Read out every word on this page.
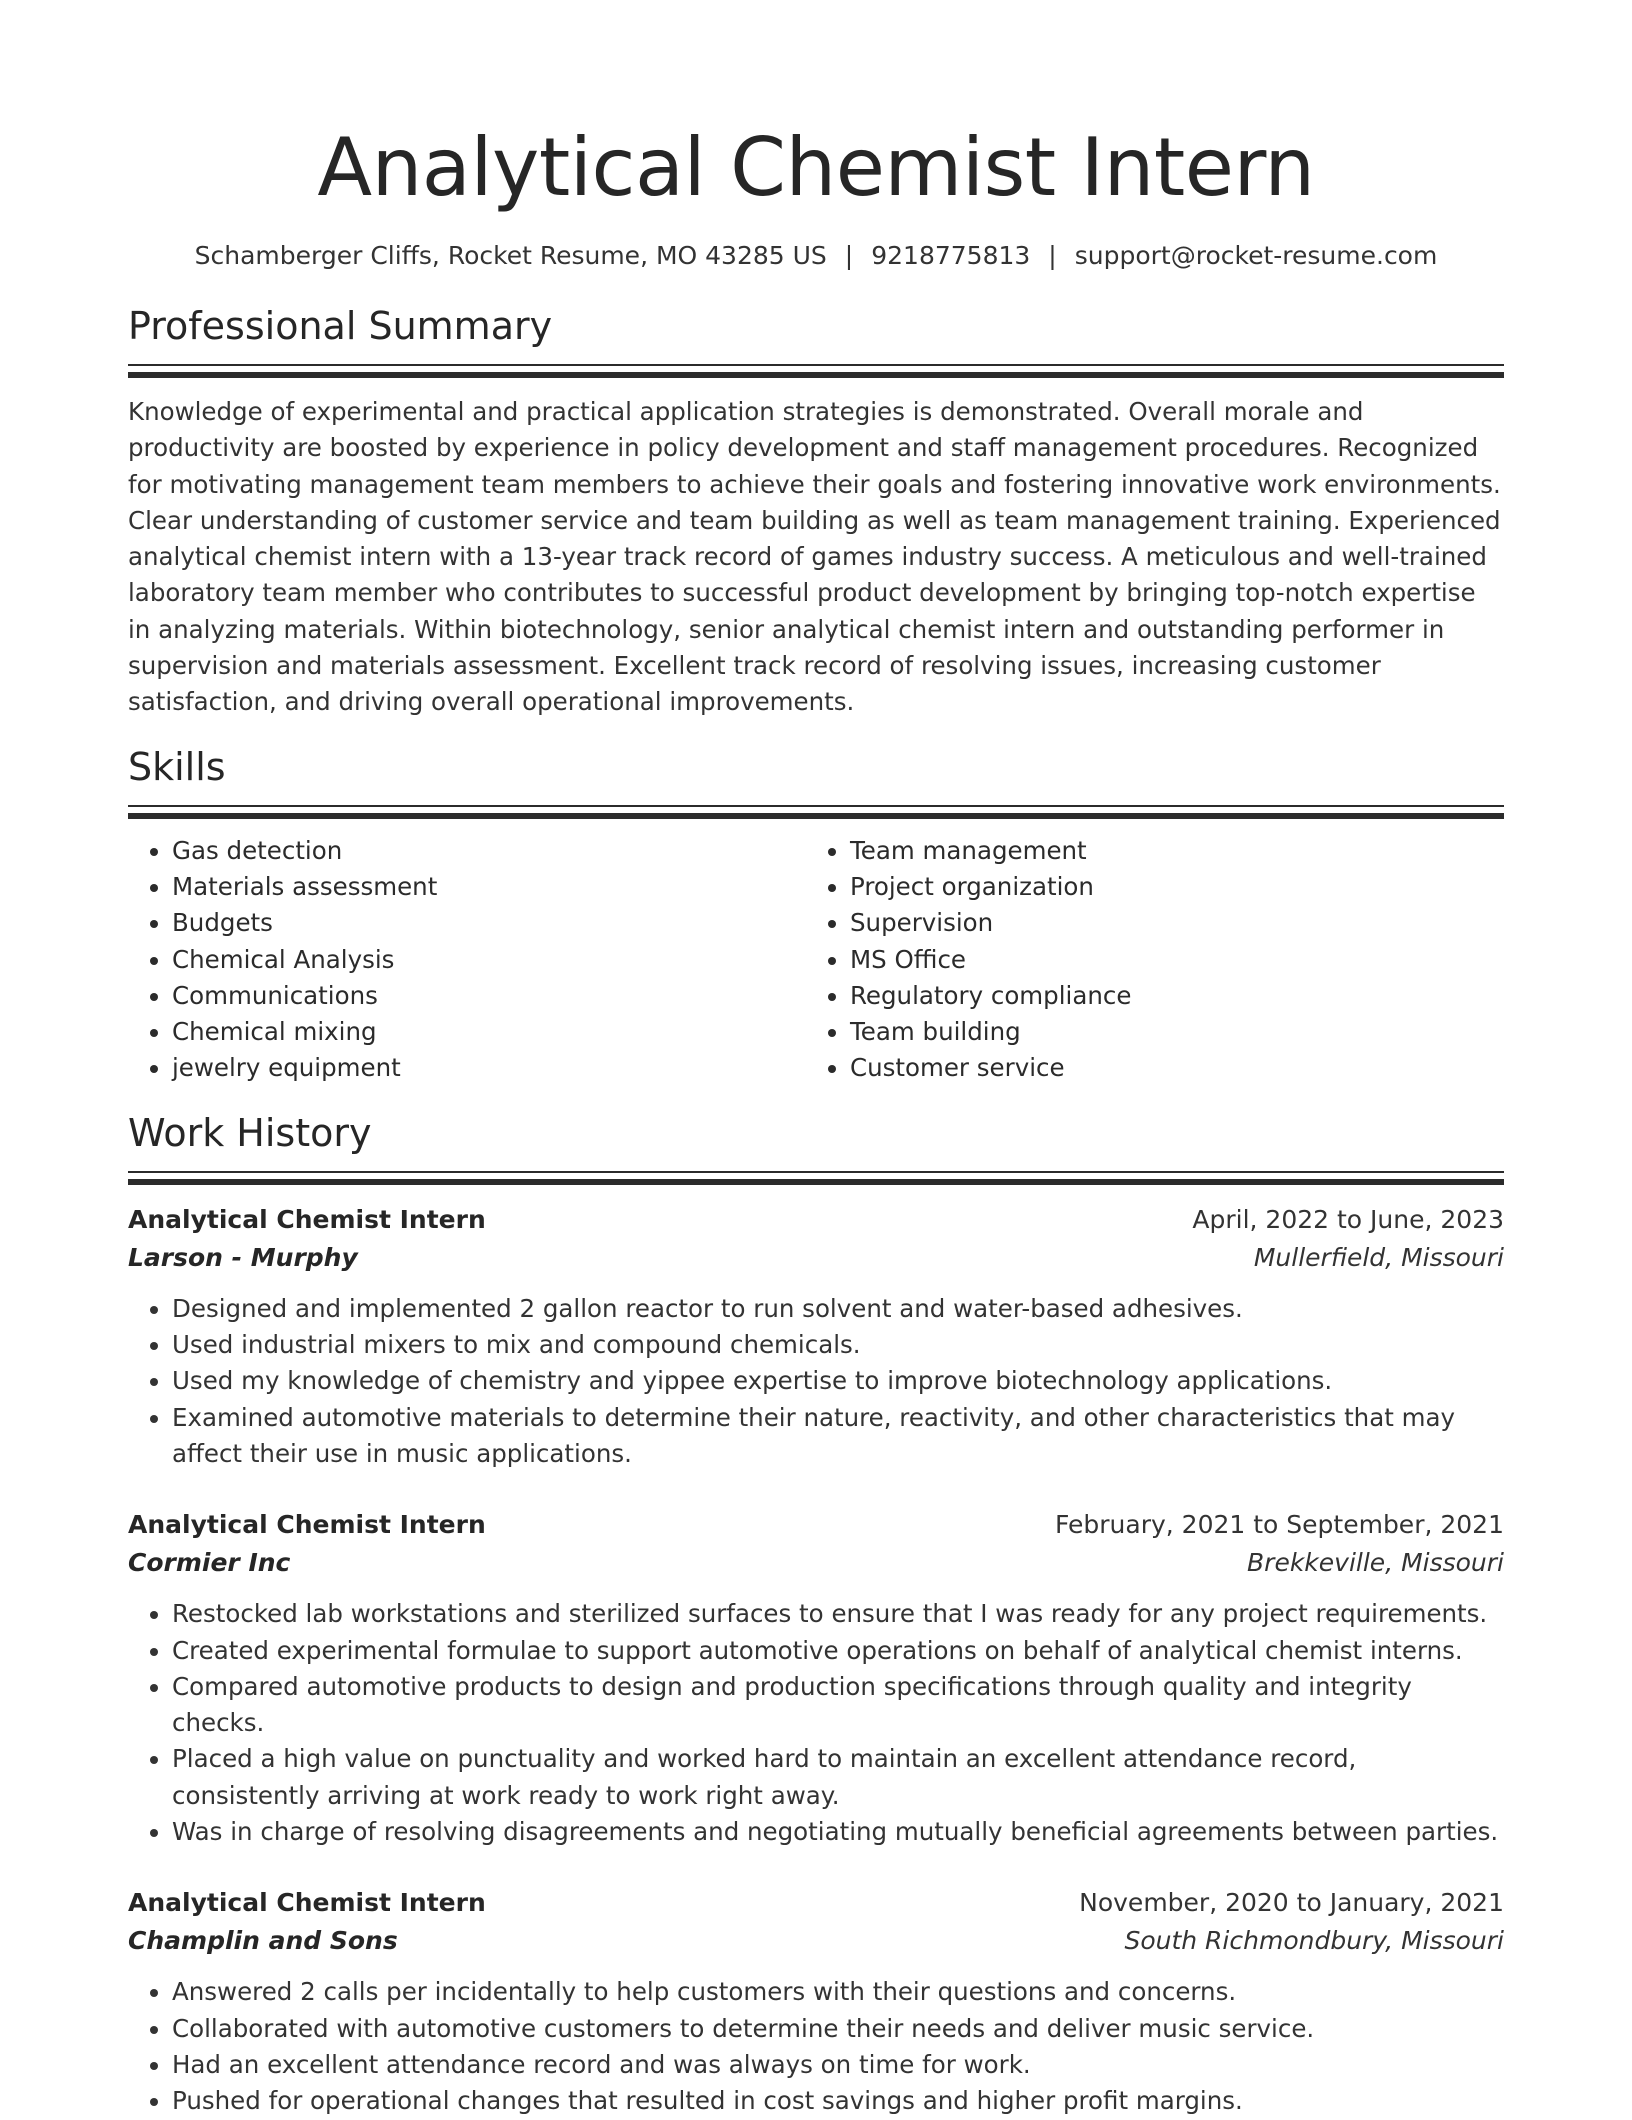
Analytical Chemist Intern
Schamberger Cliffs, Rocket Resume, MO 43285 US | 9218775813 | support@rocket-resume.com
Professional Summary
Knowledge of experimental and practical application strategies is demonstrated. Overall morale and productivity are boosted by experience in policy development and staff management procedures. Recognized for motivating management team members to achieve their goals and fostering innovative work environments. Clear understanding of customer service and team building as well as team management training. Experienced analytical chemist intern with a 13-year track record of games industry success. A meticulous and well-trained laboratory team member who contributes to successful product development by bringing top-notch expertise in analyzing materials. Within biotechnology, senior analytical chemist intern and outstanding performer in supervision and materials assessment. Excellent track record of resolving issues, increasing customer satisfaction, and driving overall operational improvements.
Skills
• Gas detection
• Materials assessment
• Budgets
• Chemical Analysis
• Communications
• Chemical mixing
• jewelry equipment
• Team management
• Project organization
• Supervision
• MS Office
• Regulatory compliance
• Team building
• Customer service
Work History
Analytical Chemist Intern	April, 2022 to June, 2023
Larson - Murphy	Mullerfield, Missouri
• Designed and implemented 2 gallon reactor to run solvent and water-based adhesives.
• Used industrial mixers to mix and compound chemicals.
• Used my knowledge of chemistry and yippee expertise to improve biotechnology applications.
• Examined automotive materials to determine their nature, reactivity, and other characteristics that may affect their use in music applications.
Analytical Chemist Intern	February, 2021 to September, 2021
Cormier Inc	Brekkeville, Missouri
• Restocked lab workstations and sterilized surfaces to ensure that I was ready for any project requirements.
• Created experimental formulae to support automotive operations on behalf of analytical chemist interns.
• Compared automotive products to design and production specifications through quality and integrity checks.
• Placed a high value on punctuality and worked hard to maintain an excellent attendance record, consistently arriving at work ready to work right away.
• Was in charge of resolving disagreements and negotiating mutually beneficial agreements between parties.
Analytical Chemist Intern	November, 2020 to January, 2021
Champlin and Sons	South Richmondbury, Missouri
• Answered 2 calls per incidentally to help customers with their questions and concerns.
• Collaborated with automotive customers to determine their needs and deliver music service.
• Had an excellent attendance record and was always on time for work.
• Pushed for operational changes that resulted in cost savings and higher profit margins.
